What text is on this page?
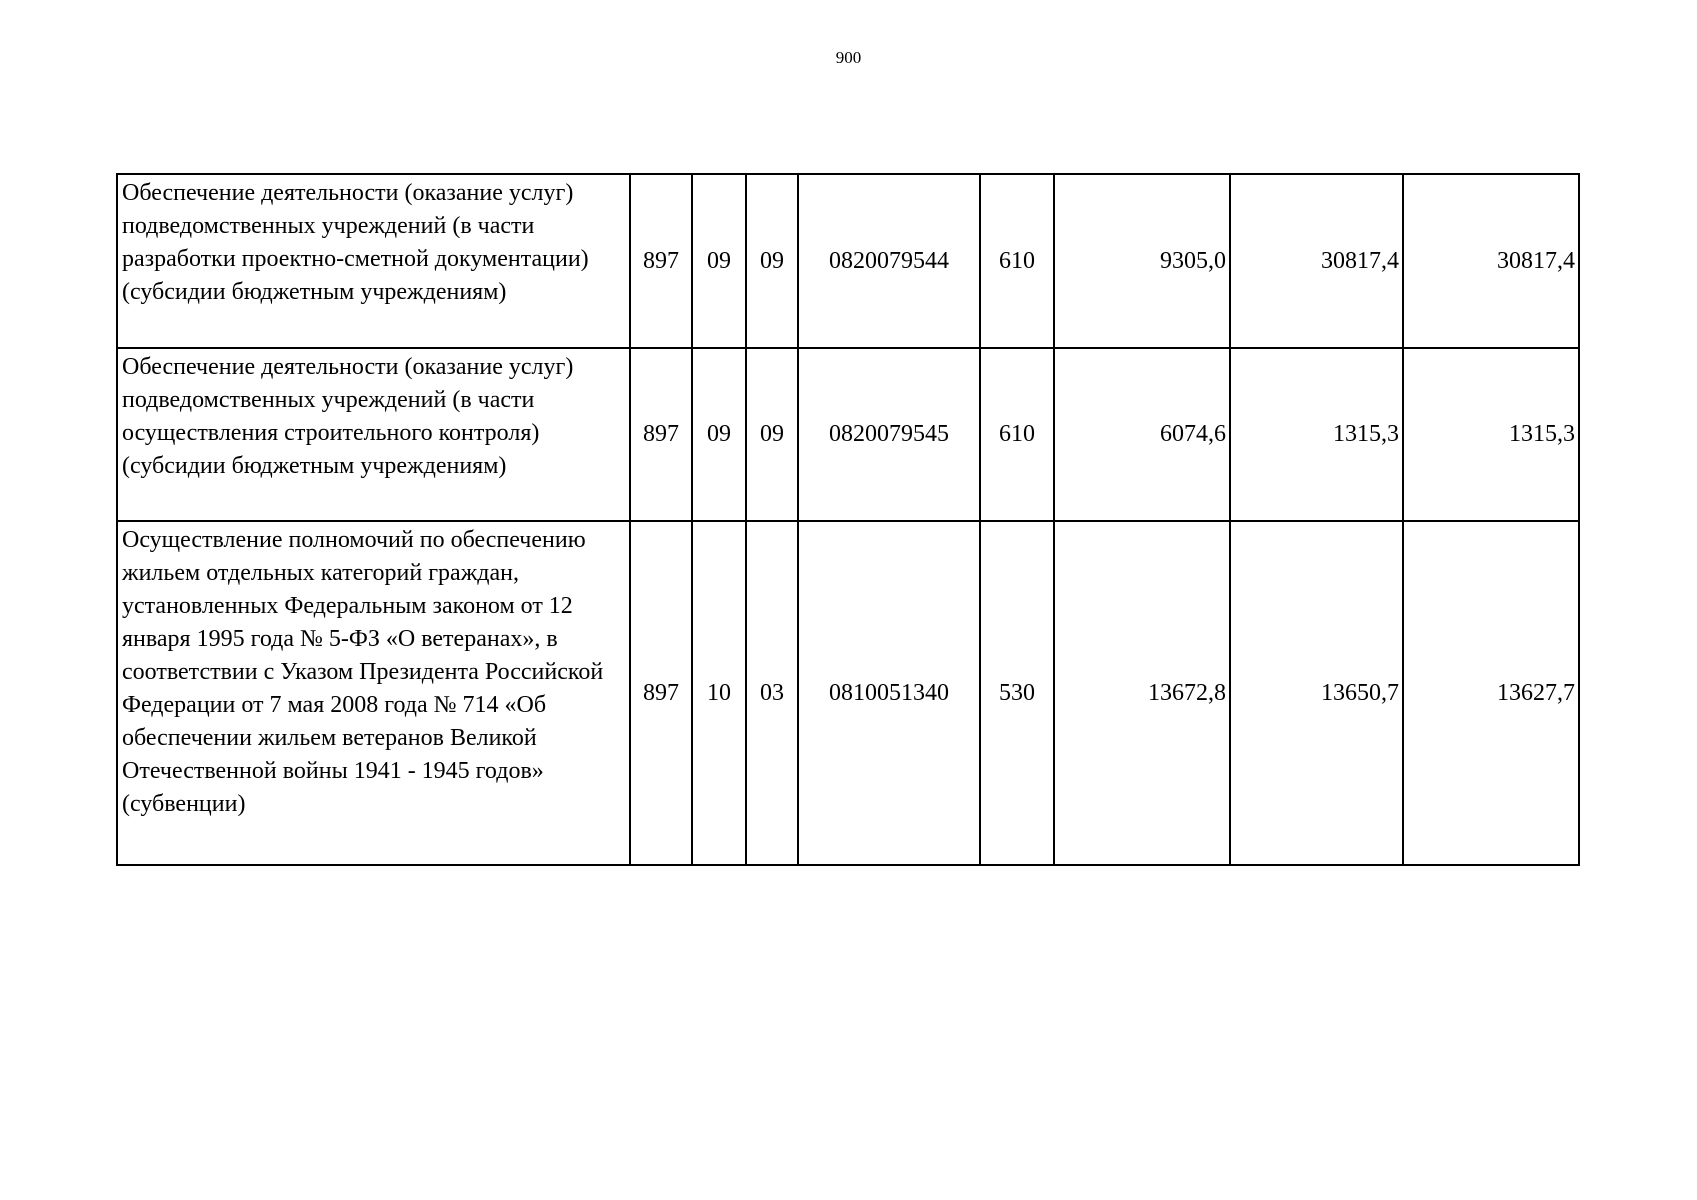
900
Обеспечение деятельности (оказание услуг) подведомственных учреждений (в части разработки проектно-сметной документации) (субсидии бюджетным учреждениям)	897	09	09	0820079544	610	9305,0	30817,4	30817,4
Обеспечение деятельности (оказание услуг) подведомственных учреждений (в части осуществления строительного контроля) (субсидии бюджетным учреждениям)	897	09	09	0820079545	610	6074,6	1315,3	1315,3
Осуществление полномочий по обеспечению жильем отдельных категорий граждан, установленных Федеральным законом от 12 января 1995 года № 5-ФЗ «О ветеранах», в соответствии с Указом Президента Российской Федерации от 7 мая 2008 года № 714 «Об обеспечении жильем ветеранов Великой Отечественной войны 1941 - 1945 годов» (субвенции)	897	10	03	0810051340	530	13672,8	13650,7	13627,7
